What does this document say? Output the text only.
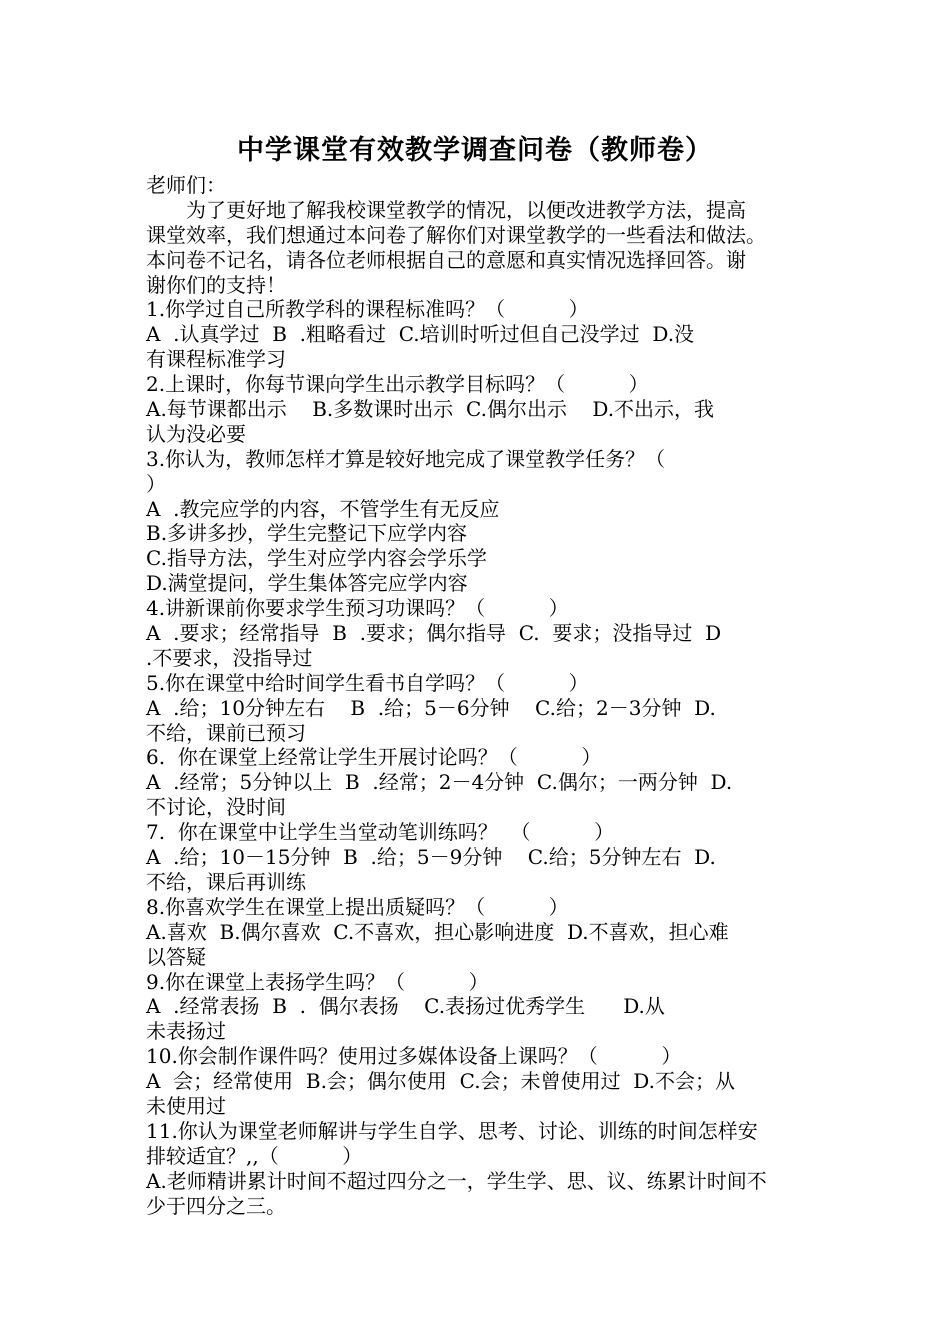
中学课堂有效教学调查问卷（教师卷）
老师们：
　　为了更好地了解我校课堂教学的情况，以便改进教学方法，提高
课堂效率，我们想通过本问卷了解你们对课堂教学的一些看法和做法。
本问卷不记名，请各位老师根据自己的意愿和真实情况选择回答。谢
谢你们的支持！
1.你学过自己所教学科的课程标准吗？（          ）
A  .认真学过  B  .粗略看过  C.培训时听过但自己没学过  D.没
有课程标准学习
2.上课时，你每节课向学生出示教学目标吗？（          ）
A.每节课都出示    B.多数课时出示  C.偶尔出示    D.不出示，我
认为没必要
3.你认为，教师怎样才算是较好地完成了课堂教学任务？（
）
A  .教完应学的内容，不管学生有无反应
B.多讲多抄，学生完整记下应学内容
C.指导方法，学生对应学内容会学乐学
D.满堂提问，学生集体答完应学内容
4.讲新课前你要求学生预习功课吗？（          ）
A  .要求；经常指导  B  .要求；偶尔指导  C.  要求；没指导过  D
.不要求，没指导过
5.你在课堂中给时间学生看书自学吗？（          ）
A  .给；10分钟左右    B  .给；5－6分钟    C.给；2－3分钟  D.
不给，课前已预习
6.  你在课堂上经常让学生开展讨论吗？（          ）
A  .经常；5分钟以上  B  .经常；2－4分钟  C.偶尔；一两分钟  D.
不讨论，没时间
7.  你在课堂中让学生当堂动笔训练吗？  （          ）
A  .给；10－15分钟  B  .给；5－9分钟    C.给；5分钟左右  D.
不给，课后再训练
8.你喜欢学生在课堂上提出质疑吗？（          ）
A.喜欢  B.偶尔喜欢  C.不喜欢，担心影响进度  D.不喜欢，担心难
以答疑
9.你在课堂上表扬学生吗？（          ）
A  .经常表扬  B  .  偶尔表扬    C.表扬过优秀学生      D.从
未表扬过
10.你会制作课件吗？使用过多媒体设备上课吗？（          ）
A  会；经常使用  B.会；偶尔使用  C.会；未曾使用过  D.不会；从
未使用过
11.你认为课堂老师解讲与学生自学、思考、讨论、训练的时间怎样安
排较适宜？,,（          ）
A.老师精讲累计时间不超过四分之一，学生学、思、议、练累计时间不
少于四分之三。
